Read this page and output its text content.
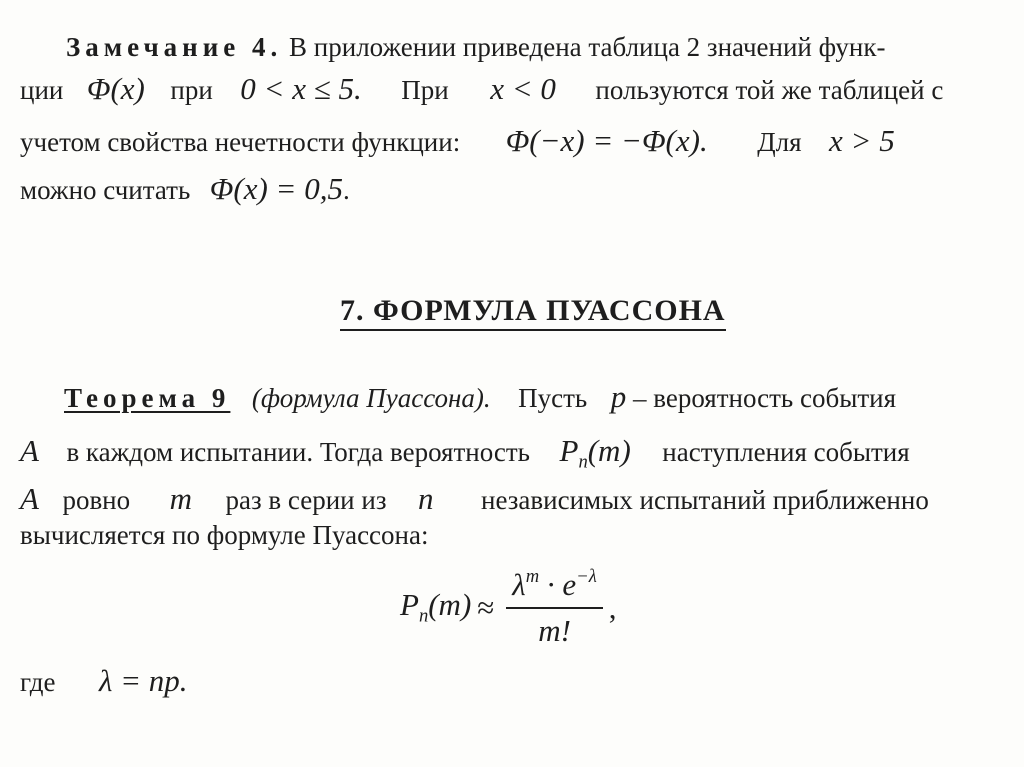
Замечание 4. В приложении приведена таблица 2 значений функ-
ции Φ(x) при 0 < x ≤ 5. При x < 0 пользуются той же таблицей с
учетом свойства нечетности функции: Φ(−x) = −Φ(x). Для x > 5
можно считать Φ(x) = 0,5.
7. ФОРМУЛА ПУАССОНА
Теорема 9 (формула Пуассона). Пусть p – вероятность события
A в каждом испытании. Тогда вероятность $P_n(m)$ наступления события
A ровно m раз в серии из n независимых испытаний приближенно
вычисляется по формуле Пуассона:
$P_n(m) \approx \frac{\lambda^m \cdot e^{-\lambda}}{m!}$ ,
где λ = np.
